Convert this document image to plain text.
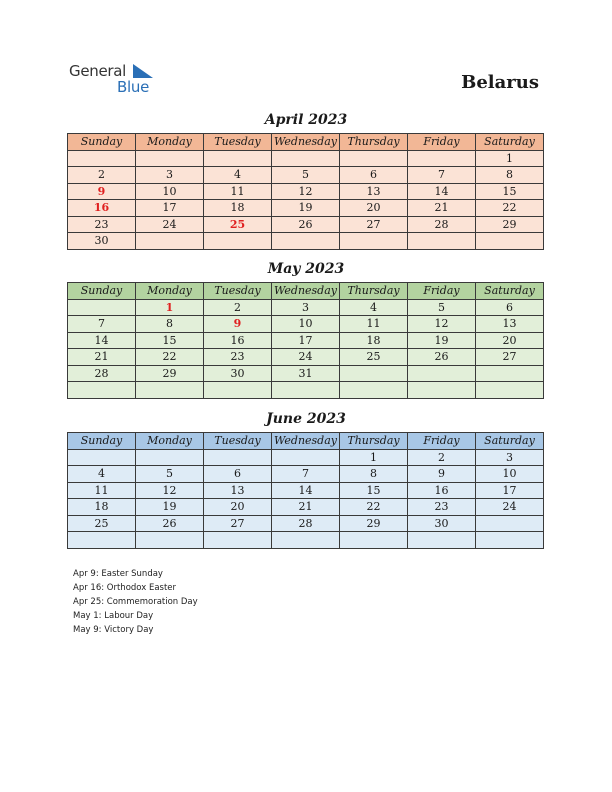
General
Blue	Belarus
April 2023
Sunday	Monday	Tuesday	Wednesday	Thursday	Friday	Saturday
						1
2	3	4	5	6	7	8
9	10	11	12	13	14	15
16	17	18	19	20	21	22
23	24	25	26	27	28	29
30						
May 2023
Sunday	Monday	Tuesday	Wednesday	Thursday	Friday	Saturday
	1	2	3	4	5	6
7	8	9	10	11	12	13
14	15	16	17	18	19	20
21	22	23	24	25	26	27
28	29	30	31			

June 2023
Sunday	Monday	Tuesday	Wednesday	Thursday	Friday	Saturday
				1	2	3
4	5	6	7	8	9	10
11	12	13	14	15	16	17
18	19	20	21	22	23	24
25	26	27	28	29	30	

Apr 9: Easter Sunday
Apr 16: Orthodox Easter
Apr 25: Commemoration Day
May 1: Labour Day
May 9: Victory Day
